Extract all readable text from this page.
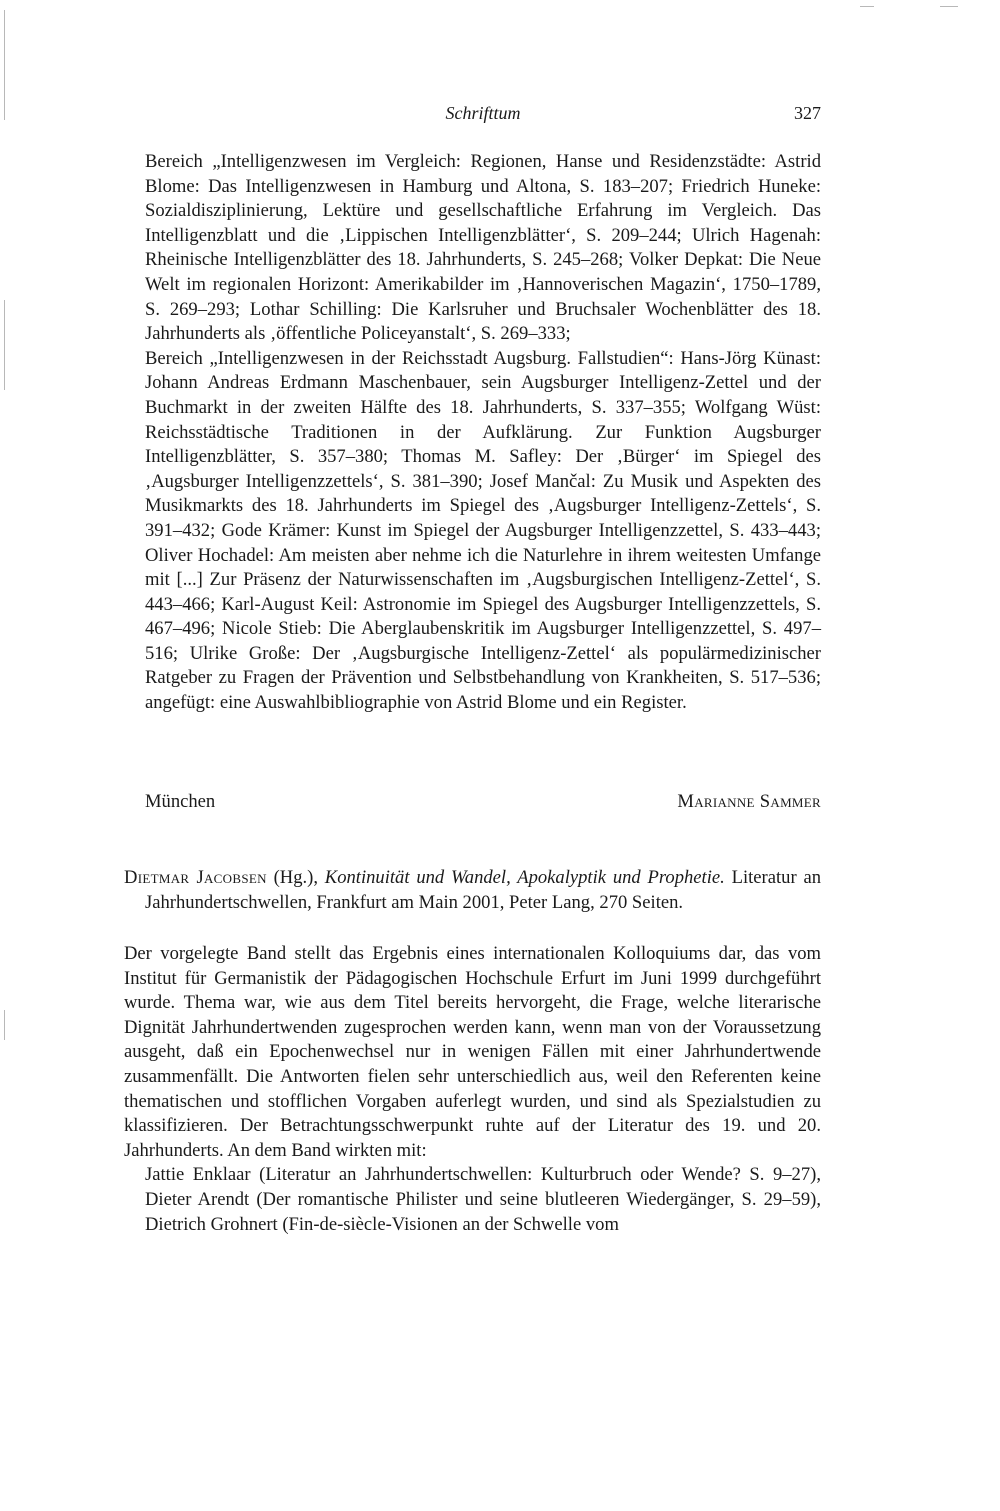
Schrifttum	327

Bereich „Intelligenzwesen im Vergleich: Regionen, Hanse und Residenzstädte: Astrid Blome: Das Intelligenzwesen in Hamburg und Altona, S. 183–207; Friedrich Huneke: Sozialdisziplinierung, Lektüre und gesellschaftliche Erfahrung im Vergleich. Das Intelligenzblatt und die ‚Lippischen Intelligenzblätter‘, S. 209–244; Ulrich Hagenah: Rheinische Intelligenzblätter des 18. Jahrhunderts, S. 245–268; Volker Depkat: Die Neue Welt im regionalen Horizont: Amerikabilder im ‚Hannoverischen Magazin‘, 1750–1789, S. 269–293; Lothar Schilling: Die Karlsruher und Bruchsaler Wochenblätter des 18. Jahrhunderts als ‚öffentliche Policeyanstalt‘, S. 269–333;

Bereich „Intelligenzwesen in der Reichsstadt Augsburg. Fallstudien“: Hans-Jörg Künast: Johann Andreas Erdmann Maschenbauer, sein Augsburger Intelligenz-Zettel und der Buchmarkt in der zweiten Hälfte des 18. Jahrhunderts, S. 337–355; Wolfgang Wüst: Reichsstädtische Traditionen in der Aufklärung. Zur Funktion Augsburger Intelligenzblätter, S. 357–380; Thomas M. Safley: Der ‚Bürger‘ im Spiegel des ‚Augsburger Intelligenzzettels‘, S. 381–390; Josef Mančal: Zu Musik und Aspekten des Musikmarkts des 18. Jahrhunderts im Spiegel des ‚Augsburger Intelligenz-Zettels‘, S. 391–432; Gode Krämer: Kunst im Spiegel der Augsburger Intelligenzzettel, S. 433–443; Oliver Hochadel: Am meisten aber nehme ich die Naturlehre in ihrem weitesten Umfange mit [...] Zur Präsenz der Naturwissenschaften im ‚Augsburgischen Intelligenz-Zettel‘, S. 443–466; Karl-August Keil: Astronomie im Spiegel des Augsburger Intelligenzzettels, S. 467–496; Nicole Stieb: Die Aberglaubenskritik im Augsburger Intelligenzzettel, S. 497–516; Ulrike Große: Der ‚Augsburgische Intelligenz-Zettel‘ als populärmedizinischer Ratgeber zu Fragen der Prävention und Selbstbehandlung von Krankheiten, S. 517–536; angefügt: eine Auswahlbibliographie von Astrid Blome und ein Register.

München	Marianne Sammer

Dietmar Jacobsen (Hg.), Kontinuität und Wandel, Apokalyptik und Prophetie. Literatur an Jahrhundertschwellen, Frankfurt am Main 2001, Peter Lang, 270 Seiten.

Der vorgelegte Band stellt das Ergebnis eines internationalen Kolloquiums dar, das vom Institut für Germanistik der Pädagogischen Hochschule Erfurt im Juni 1999 durchgeführt wurde. Thema war, wie aus dem Titel bereits hervorgeht, die Frage, welche literarische Dignität Jahrhundertwenden zugesprochen werden kann, wenn man von der Voraussetzung ausgeht, daß ein Epochenwechsel nur in wenigen Fällen mit einer Jahrhundertwende zusammenfällt. Die Antworten fielen sehr unterschiedlich aus, weil den Referenten keine thematischen und stofflichen Vorgaben auferlegt wurden, und sind als Spezialstudien zu klassifizieren. Der Betrachtungsschwerpunkt ruhte auf der Literatur des 19. und 20. Jahrhunderts. An dem Band wirkten mit:

Jattie Enklaar (Literatur an Jahrhundertschwellen: Kulturbruch oder Wende? S. 9–27), Dieter Arendt (Der romantische Philister und seine blutleeren Wiedergänger, S. 29–59), Dietrich Grohnert (Fin-de-siècle-Visionen an der Schwelle vom
